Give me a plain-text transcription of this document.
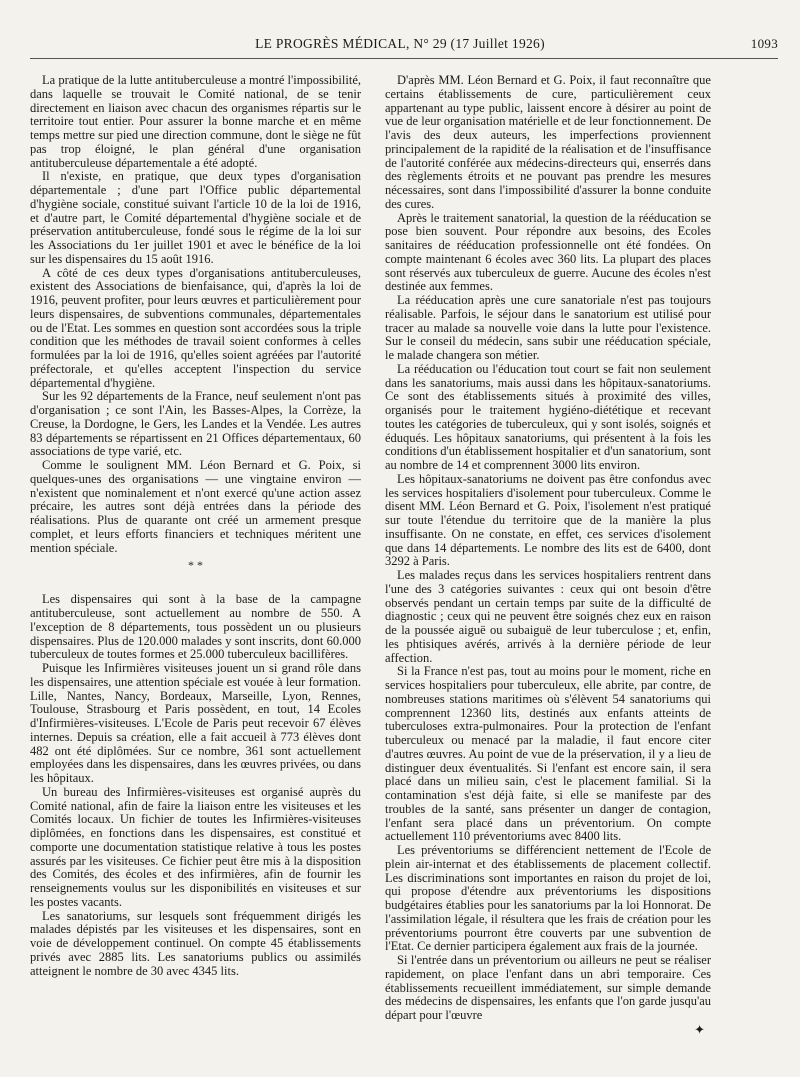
LE PROGRÈS MÉDICAL, N° 29 (17 Juillet 1926)	1093

La pratique de la lutte antituberculeuse a montré l'impossibilité, dans laquelle se trouvait le Comité national, de se tenir directement en liaison avec chacun des organismes répartis sur le territoire tout entier. Pour assurer la bonne marche et en même temps mettre sur pied une direction commune, dont le siège ne fût pas trop éloigné, le plan général d'une organisation antituberculeuse départementale a été adopté.

Il n'existe, en pratique, que deux types d'organisation départementale ; d'une part l'Office public départemental d'hygiène sociale, constitué suivant l'article 10 de la loi de 1916, et d'autre part, le Comité départemental d'hygiène sociale et de préservation antituberculeuse, fondé sous le régime de la loi sur les Associations du 1er juillet 1901 et avec le bénéfice de la loi sur les dispensaires du 15 août 1916.

A côté de ces deux types d'organisations antituberculeuses, existent des Associations de bienfaisance, qui, d'après la loi de 1916, peuvent profiter, pour leurs œuvres et particulièrement pour leurs dispensaires, de subventions communales, départementales ou de l'Etat. Les sommes en question sont accordées sous la triple condition que les méthodes de travail soient conformes à celles formulées par la loi de 1916, qu'elles soient agréées par l'autorité préfectorale, et qu'elles acceptent l'inspection du service départemental d'hygiène.

Sur les 92 départements de la France, neuf seulement n'ont pas d'organisation ; ce sont l'Ain, les Basses-Alpes, la Corrèze, la Creuse, la Dordogne, le Gers, les Landes et la Vendée. Les autres 83 départements se répartissent en 21 Offices départementaux, 60 associations de type varié, etc.

Comme le soulignent MM. Léon Bernard et G. Poix, si quelques-unes des organisations — une vingtaine environ — n'existent que nominalement et n'ont exercé qu'une action assez précaire, les autres sont déjà entrées dans la période des réalisations. Plus de quarante ont créé un armement presque complet, et leurs efforts financiers et techniques méritent une mention spéciale.

* *

Les dispensaires qui sont à la base de la campagne antituberculeuse, sont actuellement au nombre de 550. A l'exception de 8 départements, tous possèdent un ou plusieurs dispensaires. Plus de 120.000 malades y sont inscrits, dont 60.000 tuberculeux de toutes formes et 25.000 tuberculeux bacillifères.

Puisque les Infirmières visiteuses jouent un si grand rôle dans les dispensaires, une attention spéciale est vouée à leur formation. Lille, Nantes, Nancy, Bordeaux, Marseille, Lyon, Rennes, Toulouse, Strasbourg et Paris possèdent, en tout, 14 Ecoles d'Infirmières-visiteuses. L'Ecole de Paris peut recevoir 67 élèves internes. Depuis sa création, elle a fait accueil à 773 élèves dont 482 ont été diplômées. Sur ce nombre, 361 sont actuellement employées dans les dispensaires, dans les œuvres privées, ou dans les hôpitaux.

Un bureau des Infirmières-visiteuses est organisé auprès du Comité national, afin de faire la liaison entre les visiteuses et les Comités locaux. Un fichier de toutes les Infirmières-visiteuses diplômées, en fonctions dans les dispensaires, est constitué et comporte une documentation statistique relative à tous les postes assurés par les visiteuses. Ce fichier peut être mis à la disposition des Comités, des écoles et des infirmières, afin de fournir les renseignements voulus sur les disponibilités en visiteuses et sur les postes vacants.

Les sanatoriums, sur lesquels sont fréquemment dirigés les malades dépistés par les visiteuses et les dispensaires, sont en voie de développement continuel. On compte 45 établissements privés avec 2885 lits. Les sanatoriums publics ou assimilés atteignent le nombre de 30 avec 4345 lits.

D'après MM. Léon Bernard et G. Poix, il faut reconnaître que certains établissements de cure, particulièrement ceux appartenant au type public, laissent encore à désirer au point de vue de leur organisation matérielle et de leur fonctionnement. De l'avis des deux auteurs, les imperfections proviennent principalement de la rapidité de la réalisation et de l'insuffisance de l'autorité conférée aux médecins-directeurs qui, enserrés dans des règlements étroits et ne pouvant pas prendre les mesures nécessaires, sont dans l'impossibilité d'assurer la bonne conduite des cures.

Après le traitement sanatorial, la question de la rééducation se pose bien souvent. Pour répondre aux besoins, des Ecoles sanitaires de rééducation professionnelle ont été fondées. On compte maintenant 6 écoles avec 360 lits. La plupart des places sont réservés aux tuberculeux de guerre. Aucune des écoles n'est destinée aux femmes.

La rééducation après une cure sanatoriale n'est pas toujours réalisable. Parfois, le séjour dans le sanatorium est utilisé pour tracer au malade sa nouvelle voie dans la lutte pour l'existence. Sur le conseil du médecin, sans subir une rééducation spéciale, le malade changera son métier.

La rééducation ou l'éducation tout court se fait non seulement dans les sanatoriums, mais aussi dans les hôpitaux-sanatoriums. Ce sont des établissements situés à proximité des villes, organisés pour le traitement hygiéno-diététique et recevant toutes les catégories de tuberculeux, qui y sont isolés, soignés et éduqués. Les hôpitaux sanatoriums, qui présentent à la fois les conditions d'un établissement hospitalier et d'un sanatorium, sont au nombre de 14 et comprennent 3000 lits environ.

Les hôpitaux-sanatoriums ne doivent pas être confondus avec les services hospitaliers d'isolement pour tuberculeux. Comme le disent MM. Léon Bernard et G. Poix, l'isolement n'est pratiqué sur toute l'étendue du territoire que de la manière la plus insuffisante. On ne constate, en effet, ces services d'isolement que dans 14 départements. Le nombre des lits est de 6400, dont 3292 à Paris.

Les malades reçus dans les services hospitaliers rentrent dans l'une des 3 catégories suivantes : ceux qui ont besoin d'être observés pendant un certain temps par suite de la difficulté de diagnostic ; ceux qui ne peuvent être soignés chez eux en raison de la poussée aiguë ou subaiguë de leur tuberculose ; et, enfin, les phtisiques avérés, arrivés à la dernière période de leur affection.

Si la France n'est pas, tout au moins pour le moment, riche en services hospitaliers pour tuberculeux, elle abrite, par contre, de nombreuses stations maritimes où s'élèvent 54 sanatoriums qui comprennent 12360 lits, destinés aux enfants atteints de tuberculoses extra-pulmonaires. Pour la protection de l'enfant tuberculeux ou menacé par la maladie, il faut encore citer d'autres œuvres. Au point de vue de la préservation, il y a lieu de distinguer deux éventualités. Si l'enfant est encore sain, il sera placé dans un milieu sain, c'est le placement familial. Si la contamination s'est déjà faite, si elle se manifeste par des troubles de la santé, sans présenter un danger de contagion, l'enfant sera placé dans un préventorium. On compte actuellement 110 préventoriums avec 8400 lits.

Les préventoriums se différencient nettement de l'Ecole de plein air-internat et des établissements de placement collectif. Les discriminations sont importantes en raison du projet de loi, qui propose d'étendre aux préventoriums les dispositions budgétaires établies pour les sanatoriums par la loi Honnorat. De l'assimilation légale, il résultera que les frais de création pour les préventoriums pourront être couverts par une subvention de l'Etat. Ce dernier participera également aux frais de la journée.

Si l'entrée dans un préventorium ou ailleurs ne peut se réaliser rapidement, on place l'enfant dans un abri temporaire. Ces établissements recueillent immédiatement, sur simple demande des médecins de dispensaires, les enfants que l'on garde jusqu'au départ pour l'œuvre

✦
